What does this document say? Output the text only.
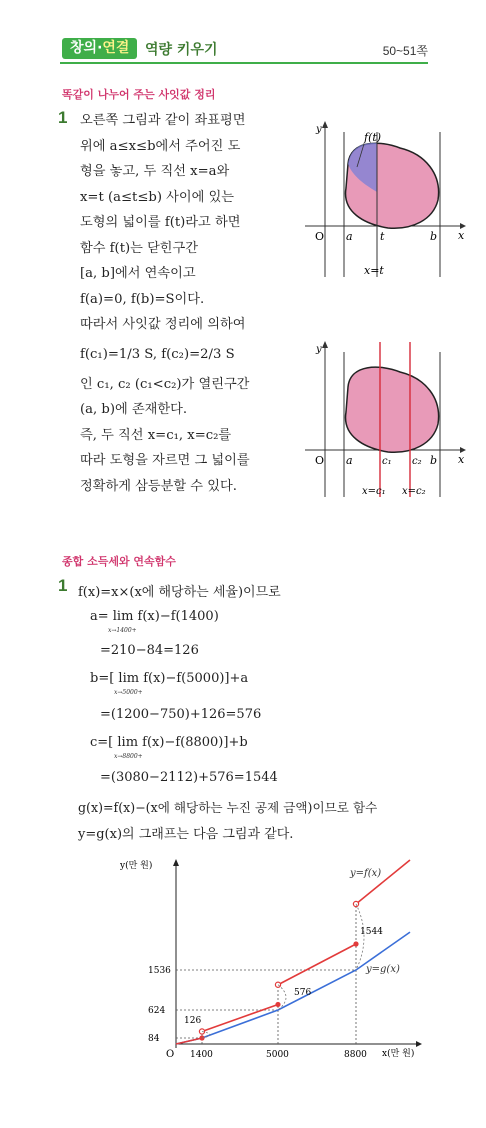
창의·연결	역량 키우기	50~51쪽
똑같이 나누어 주는 사잇값 정리
1 오른쪽 그림과 같이 좌표평면
위에 a≤x≤b에서 주어진 도
형을 놓고, 두 직선 x=a와
x=t (a≤t≤b) 사이에 있는
도형의 넓이를 f(t)라고 하면
함수 f(t)는 닫힌구간
[a, b]에서 연속이고
f(a)=0, f(b)=S이다.
따라서 사잇값 정리에 의하여
f(c₁)=1/3 S, f(c₂)=2/3 S
인 c₁, c₂ (c₁<c₂)가 열린구간
(a, b)에 존재한다.
즉, 두 직선 x=c₁, x=c₂를
따라 도형을 자르면 그 넓이를
정확하게 삼등분할 수 있다.
f(t)
y
x
O a t	b
x=t
y
x
O a	c₁ c₂ b
x=c₁ x=c₂
종합 소득세와 연속함수
1 f(x)=x×(x에 해당하는 세율)이므로
a= lim f(x)−f(1400)
x→1400+
=210−84=126
b=[ lim f(x)−f(5000)]+a
x→5000+
=(1200−750)+126=576
c=[ lim f(x)−f(8800)]+b
x→8800+
=(3080−2112)+576=1544
g(x)=f(x)−(x에 해당하는 누진 공제 금액)이므로 함수
y=g(x)의 그래프는 다음 그림과 같다.
y(만 원)
x(만 원)
O 1400	5000	8800
84
624
1536
y=f(x)
y=g(x)
126
576
1544
